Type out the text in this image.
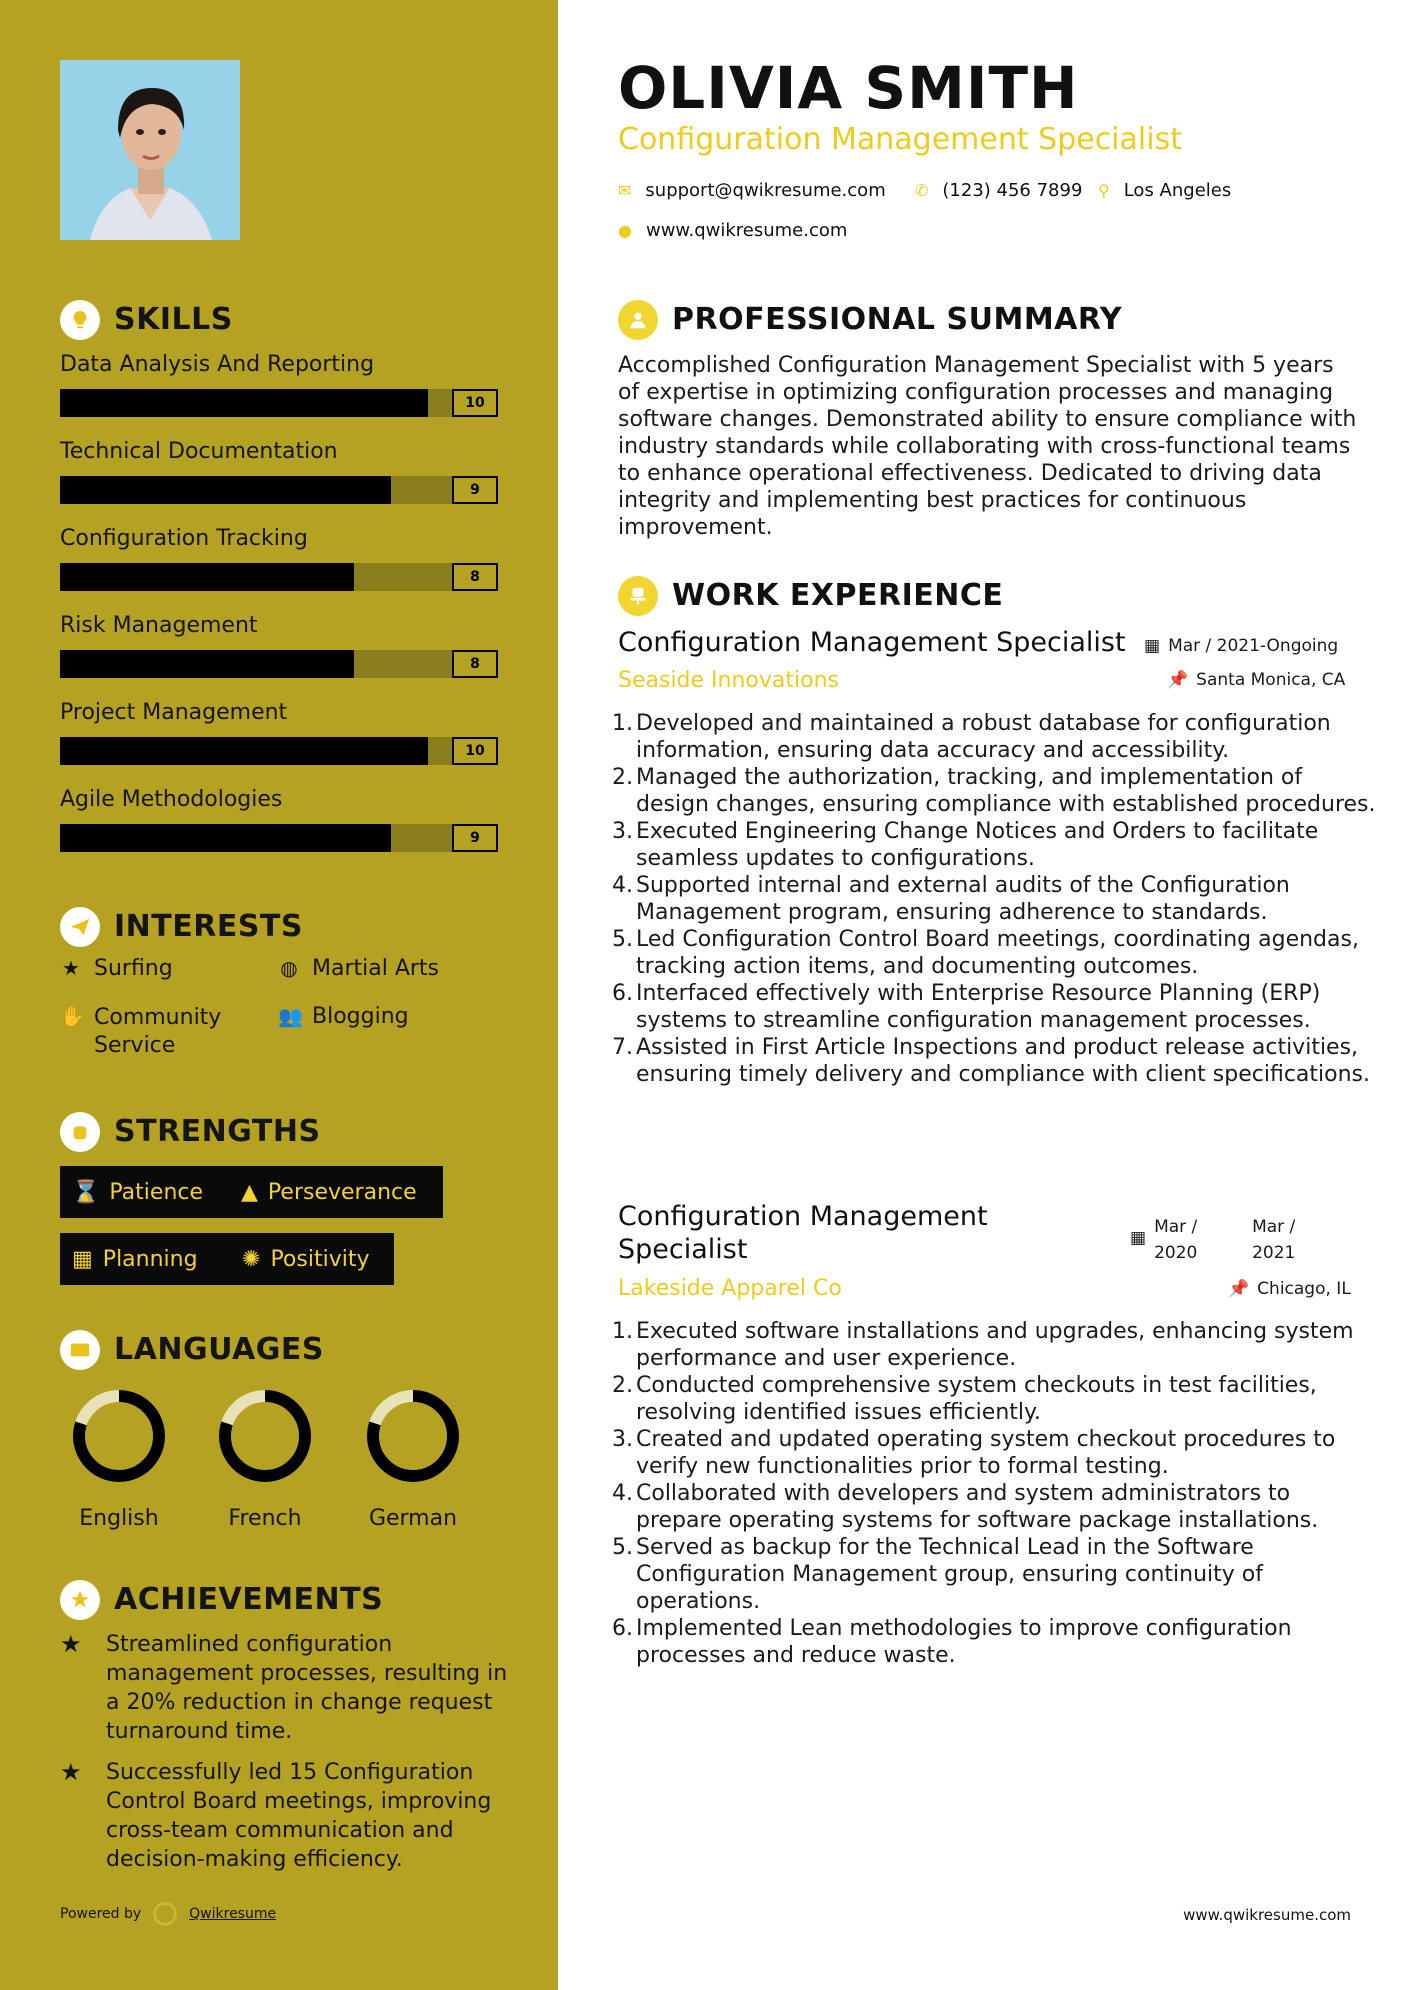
SKILLS
Data Analysis And Reporting
10
Technical Documentation
9
Configuration Tracking
8
Risk Management
8
Project Management
10
Agile Methodologies
9
INTERESTS
★ Surfing	◍ Martial Arts
✋ Community Service
👥 Blogging
STRENGTHS
⌛ Patience ▲ Perseverance
▦ Planning ✺ Positivity
LANGUAGES
English	French	German
ACHIEVEMENTS
★	Streamlined configuration management processes, resulting in a 20% reduction in change request turnaround time.
★	Successfully led 15 Configuration Control Board meetings, improving cross-team communication and decision-making efficiency.
Powered by	Qwikresume
OLIVIA SMITH
Configuration Management Specialist
✉ support@qwikresume.com ✆ (123) 456 7899 ⚲ Los Angeles
● www.qwikresume.com
PROFESSIONAL SUMMARY
Accomplished Configuration Management Specialist with 5 years of expertise in optimizing configuration processes and managing software changes. Demonstrated ability to ensure compliance with industry standards while collaborating with cross-functional teams to enhance operational effectiveness. Dedicated to driving data integrity and implementing best practices for continuous improvement.
WORK EXPERIENCE
Configuration Management Specialist ▦ Mar / 2021-Ongoing
Seaside Innovations	📌 Santa Monica, CA
1. Developed and maintained a robust database for configuration information, ensuring data accuracy and accessibility.
2. Managed the authorization, tracking, and implementation of design changes, ensuring compliance with established procedures.
3. Executed Engineering Change Notices and Orders to facilitate seamless updates to configurations.
4. Supported internal and external audits of the Configuration Management program, ensuring adherence to standards.
5. Led Configuration Control Board meetings, coordinating agendas, tracking action items, and documenting outcomes.
6. Interfaced effectively with Enterprise Resource Planning (ERP) systems to streamline configuration management processes.
7. Assisted in First Article Inspections and product release activities, ensuring timely delivery and compliance with client specifications.
Configuration Management Specialist	▦
Mar /
2020
Mar /
2021
Lakeside Apparel Co	📌 Chicago, IL
1. Executed software installations and upgrades, enhancing system performance and user experience.
2. Conducted comprehensive system checkouts in test facilities, resolving identified issues efficiently.
3. Created and updated operating system checkout procedures to verify new functionalities prior to formal testing.
4. Collaborated with developers and system administrators to prepare operating systems for software package installations.
5. Served as backup for the Technical Lead in the Software Configuration Management group, ensuring continuity of operations.
6. Implemented Lean methodologies to improve configuration processes and reduce waste.
www.qwikresume.com
